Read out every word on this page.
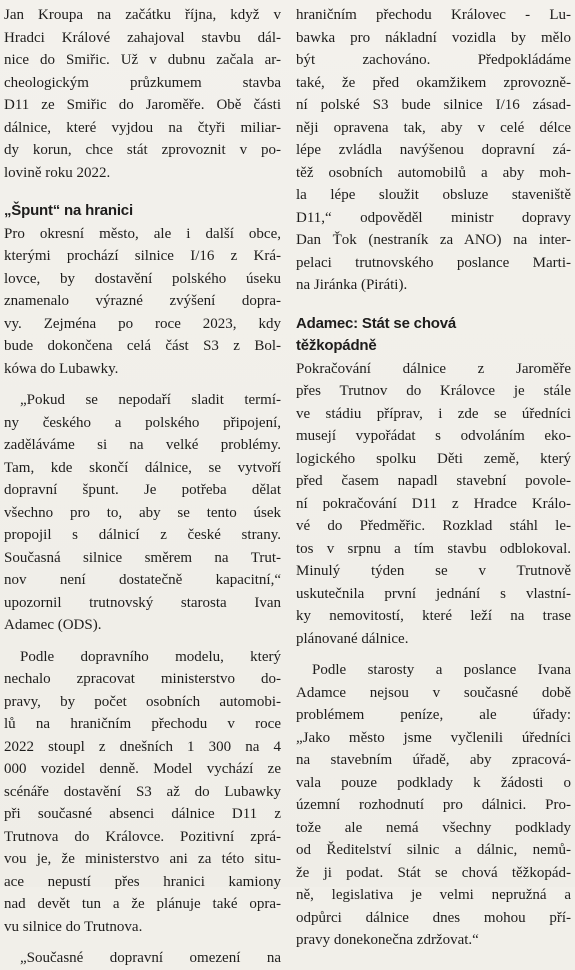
Jan Kroupa na začátku října, když v
Hradci Králové zahajoval stavbu dál-
nice do Smiřic. Už v dubnu začala ar-
cheologickým průzkumem stavba
D11 ze Smiřic do Jaroměře. Obě části
dálnice, které vyjdou na čtyři miliar-
dy korun, chce stát zprovoznit v po-
lovině roku 2022.
„Špunt“ na hranici
Pro okresní město, ale i další obce,
kterými prochází silnice I/16 z Krá-
lovce, by dostavění polského úseku
znamenalo výrazné zvýšení dopra-
vy. Zejména po roce 2023, kdy
bude dokončena celá část S3 z Bol-
kówa do Lubawky.
„Pokud se nepodaří sladit termí-
ny českého a polského připojení,
zaděláváme si na velké problémy.
Tam, kde skončí dálnice, se vytvoří
dopravní špunt. Je potřeba dělat
všechno pro to, aby se tento úsek
propojil s dálnicí z české strany.
Současná silnice směrem na Trut-
nov není dostatečně kapacitní,“
upozornil trutnovský starosta Ivan
Adamec (ODS).
Podle dopravního modelu, který
nechalo zpracovat ministerstvo do-
pravy, by počet osobních automobi-
lů na hraničním přechodu v roce
2022 stoupl z dnešních 1 300 na 4
000 vozidel denně. Model vychází ze
scénáře dostavění S3 až do Lubawky
při současné absenci dálnice D11 z
Trutnova do Královce. Pozitivní zprá-
vou je, že ministerstvo ani za této situ-
ace nepustí přes hranici kamiony
nad devět tun a že plánuje také opra-
vu silnice do Trutnova.
„Současné dopravní omezení na
hraničním přechodu Královec - Lu-
bawka pro nákladní vozidla by mělo
být zachováno. Předpokládáme
také, že před okamžikem zprovozně-
ní polské S3 bude silnice I/16 zásad-
něji opravena tak, aby v celé délce
lépe zvládla navýšenou dopravní zá-
těž osobních automobilů a aby moh-
la lépe sloužit obsluze staveniště
D11,“ odpověděl ministr dopravy
Dan Ťok (nestraník za ANO) na inter-
pelaci trutnovského poslance Marti-
na Jiránka (Piráti).
Adamec: Stát se chová
těžkopádně
Pokračování dálnice z Jaroměře
přes Trutnov do Královce je stále
ve stádiu příprav, i zde se úředníci
musejí vypořádat s odvoláním eko-
logického spolku Děti země, který
před časem napadl stavební povole-
ní pokračování D11 z Hradce Králo-
vé do Předměřic. Rozklad stáhl le-
tos v srpnu a tím stavbu odblokoval.
Minulý týden se v Trutnově
uskutečnila první jednání s vlastní-
ky nemovitostí, které leží na trase
plánované dálnice.
Podle starosty a poslance Ivana
Adamce nejsou v současné době
problémem peníze, ale úřady:
„Jako město jsme vyčlenili úředníci
na stavebním úřadě, aby zpracová-
vala pouze podklady k žádosti o
územní rozhodnutí pro dálnici. Pro-
tože ale nemá všechny podklady
od Ředitelství silnic a dálnic, nemů-
že ji podat. Stát se chová těžkopád-
ně, legislativa je velmi nepružná a
odpůrci dálnice dnes mohou pří-
pravy donekonečna zdržovat.“
